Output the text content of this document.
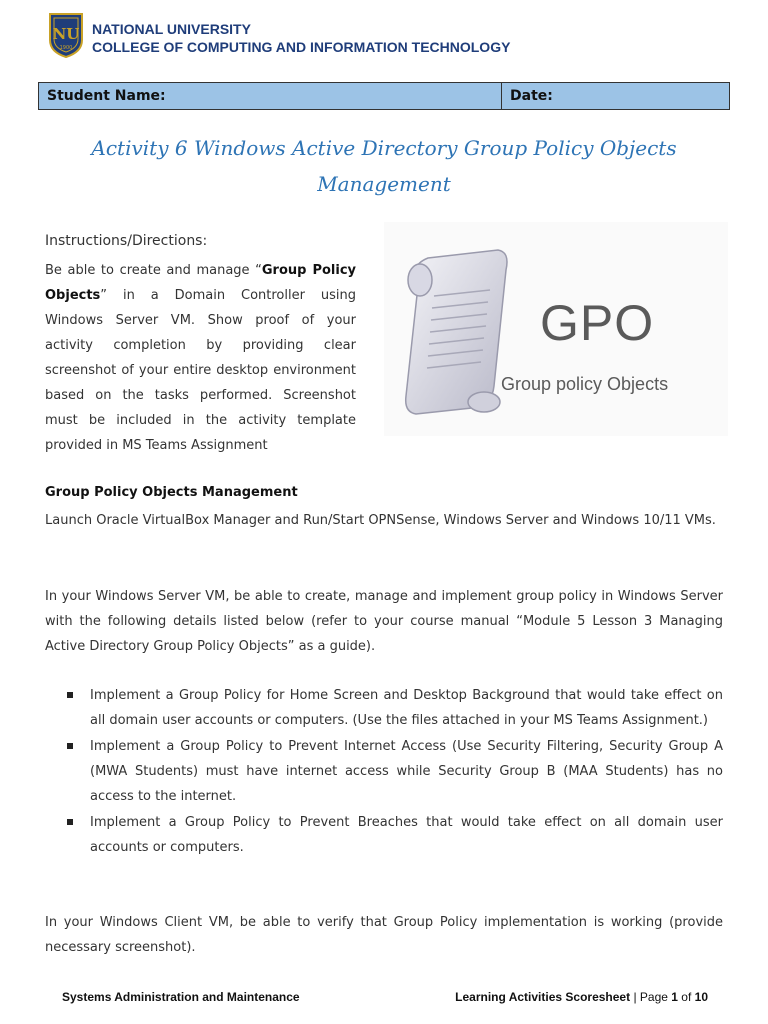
NU
1900
NATIONAL UNIVERSITY
COLLEGE OF COMPUTING AND INFORMATION TECHNOLOGY
Student Name:	Date:
Activity 6 Windows Active Directory Group Policy Objects Management
Instructions/Directions:
Be able to create and manage “Group Policy Objects” in a Domain Controller using Windows Server VM. Show proof of your activity completion by providing clear screenshot of your entire desktop environment based on the tasks performed. Screenshot must be included in the activity template provided in MS Teams Assignment
GPO
Group policy Objects
Group Policy Objects Management
Launch Oracle VirtualBox Manager and Run/Start OPNSense, Windows Server and Windows 10/11 VMs.
In your Windows Server VM, be able to create, manage and implement group policy in Windows Server with the following details listed below (refer to your course manual “Module 5 Lesson 3 Managing Active Directory Group Policy Objects” as a guide).
Implement a Group Policy for Home Screen and Desktop Background that would take effect on all domain user accounts or computers. (Use the files attached in your MS Teams Assignment.)
Implement a Group Policy to Prevent Internet Access (Use Security Filtering, Security Group A (MWA Students) must have internet access while Security Group B (MAA Students) has no access to the internet.
Implement a Group Policy to Prevent Breaches that would take effect on all domain user accounts or computers.
In your Windows Client VM, be able to verify that Group Policy implementation is working (provide necessary screenshot).
Systems Administration and Maintenance	Learning Activities Scoresheet | Page 1 of 10
